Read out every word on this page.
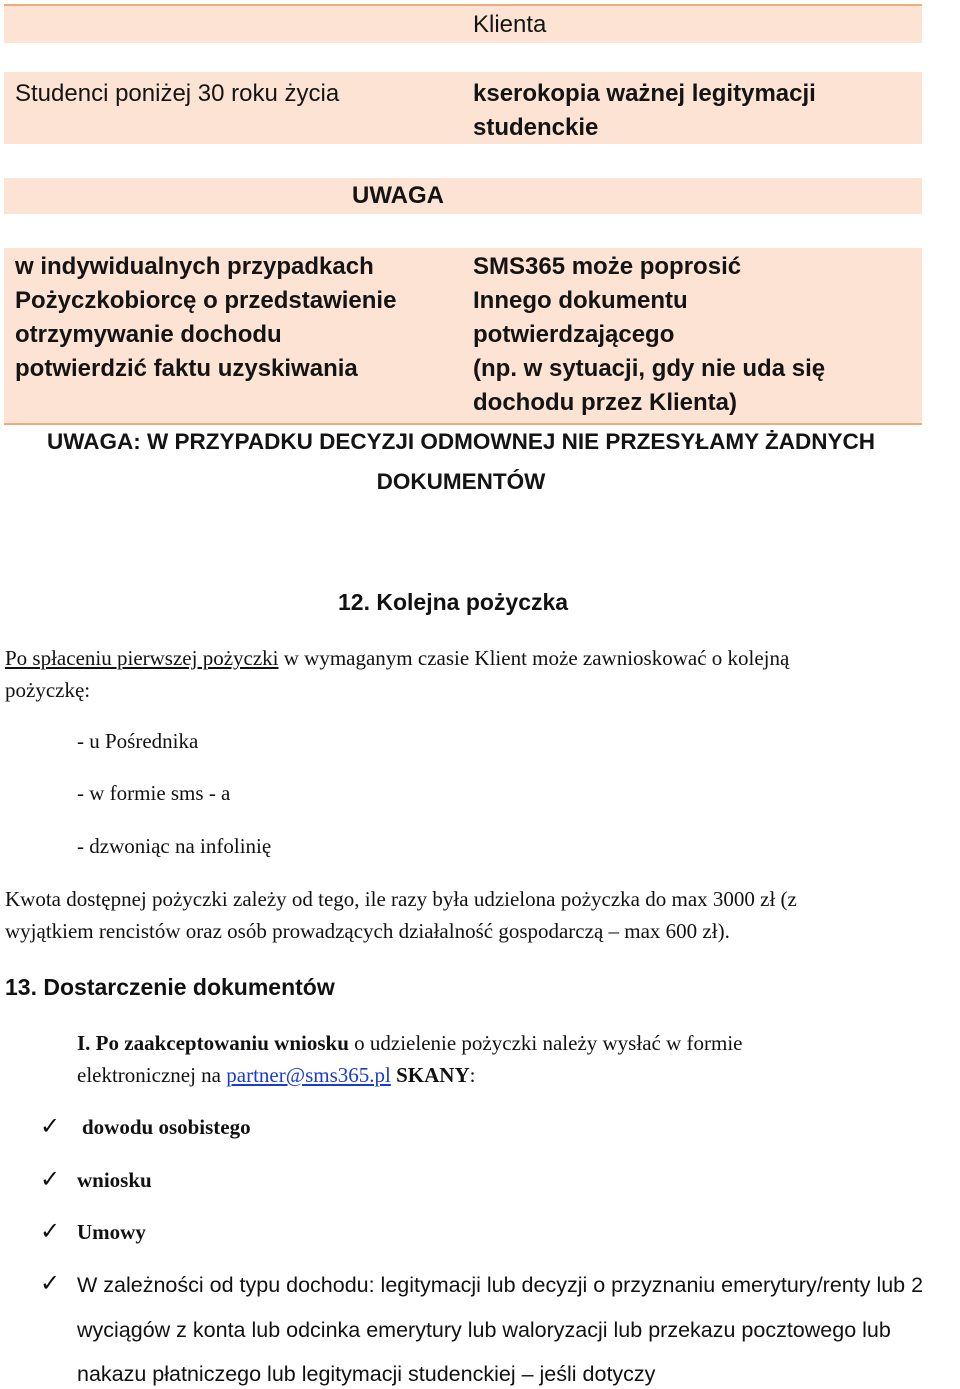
Klienta
Studenci poniżej 30 roku życia	kserokopia ważnej legitymacji
studenckie
UWAGA
w indywidualnych przypadkach
Pożyczkobiorcę o przedstawienie
otrzymywanie dochodu
potwierdzić faktu uzyskiwania
SMS365 może poprosić
Innego dokumentu
potwierdzającego
(np. w sytuacji, gdy nie uda się
dochodu przez Klienta)
UWAGA: W PRZYPADKU DECYZJI ODMOWNEJ NIE PRZESYŁAMY ŻADNYCH
DOKUMENTÓW
12. Kolejna pożyczka
Po spłaceniu pierwszej pożyczki w wymaganym czasie Klient może zawnioskować o kolejną
pożyczkę:
- u Pośrednika
- w formie sms - a
- dzwoniąc na infolinię
Kwota dostępnej pożyczki zależy od tego, ile razy była udzielona pożyczka do max 3000 zł (z
wyjątkiem rencistów oraz osób prowadzących działalność gospodarczą – max 600 zł).
13. Dostarczenie dokumentów
I. Po zaakceptowaniu wniosku o udzielenie pożyczki należy wysłać w formie
elektronicznej na partner@sms365.pl SKANY:
✓ dowodu osobistego
✓ wniosku
✓ Umowy
✓ W zależności od typu dochodu: legitymacji lub decyzji o przyznaniu emerytury/renty lub 2
wyciągów z konta lub odcinka emerytury lub waloryzacji lub przekazu pocztowego lub
nakazu płatniczego lub legitymacji studenckiej – jeśli dotyczy
